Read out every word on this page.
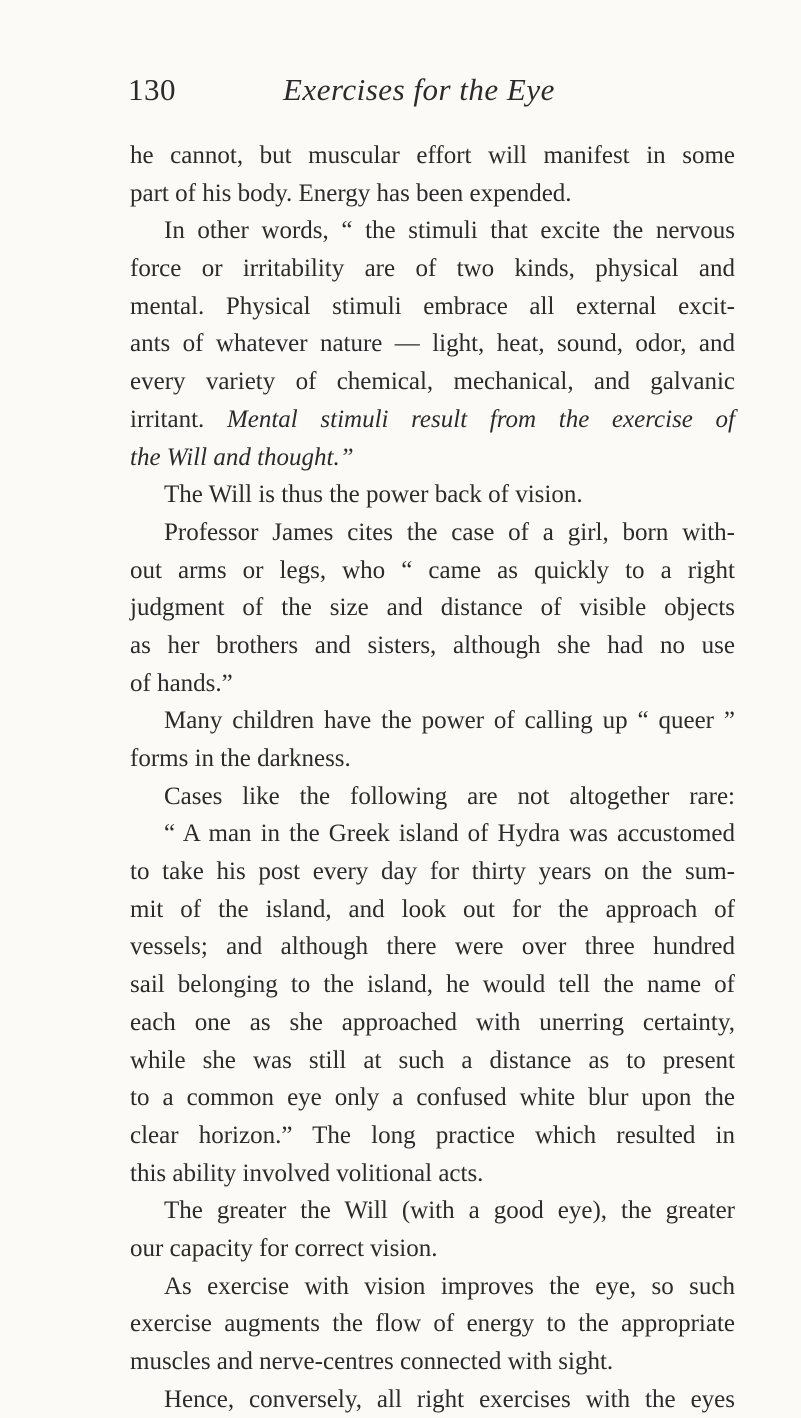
130	Exercises for the Eye
he cannot, but muscular effort will manifest in some
part of his body. Energy has been expended.
In other words, “ the stimuli that excite the nervous
force or irritability are of two kinds, physical and
mental. Physical stimuli embrace all external excit-
ants of whatever nature — light, heat, sound, odor, and
every variety of chemical, mechanical, and galvanic
irritant. Mental stimuli result from the exercise of
the Will and thought.”
The Will is thus the power back of vision.
Professor James cites the case of a girl, born with-
out arms or legs, who “ came as quickly to a right
judgment of the size and distance of visible objects
as her brothers and sisters, although she had no use
of hands.”
Many children have the power of calling up “ queer ”
forms in the darkness.
Cases like the following are not altogether rare:
“ A man in the Greek island of Hydra was accustomed
to take his post every day for thirty years on the sum-
mit of the island, and look out for the approach of
vessels; and although there were over three hundred
sail belonging to the island, he would tell the name of
each one as she approached with unerring certainty,
while she was still at such a distance as to present
to a common eye only a confused white blur upon the
clear horizon.” The long practice which resulted in
this ability involved volitional acts.
The greater the Will (with a good eye), the greater
our capacity for correct vision.
As exercise with vision improves the eye, so such
exercise augments the flow of energy to the appropriate
muscles and nerve-centres connected with sight.
Hence, conversely, all right exercises with the eyes
